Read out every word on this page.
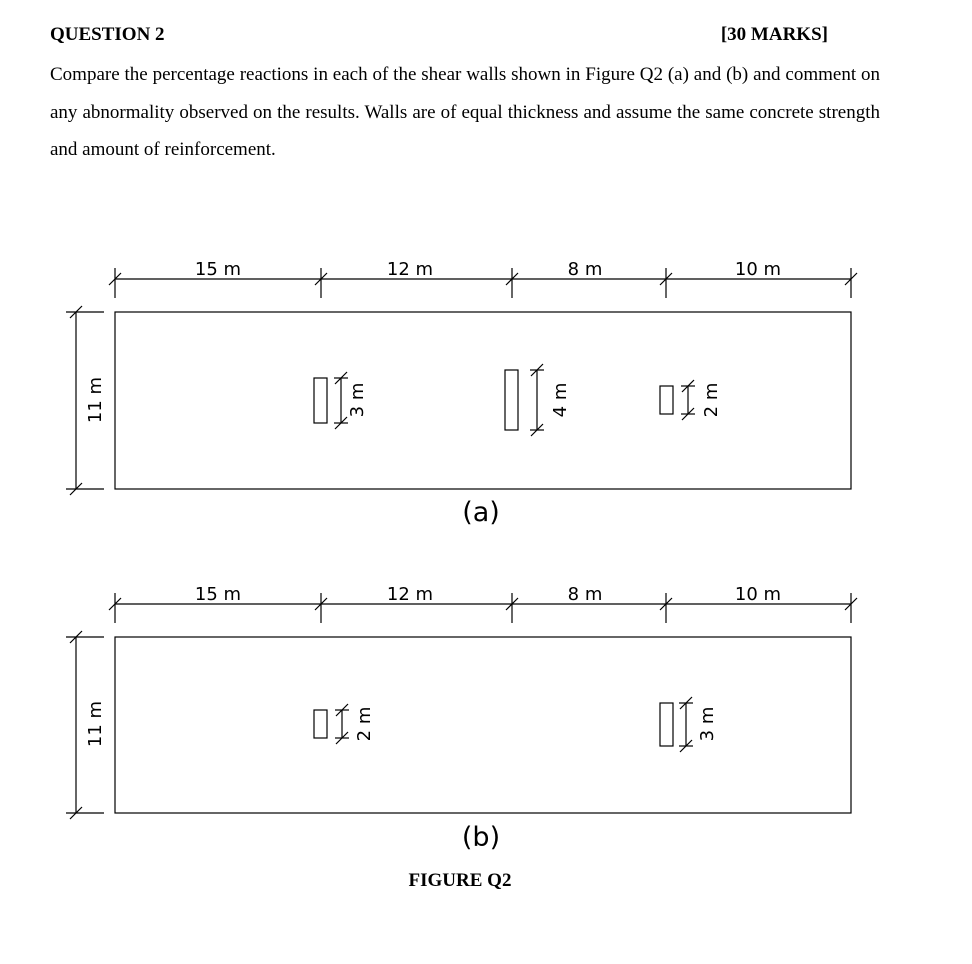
QUESTION 2	[30 MARKS]

Compare the percentage reactions in each of the shear walls shown in Figure Q2 (a) and (b) and comment on any abnormality observed on the results. Walls are of equal thickness and assume the same concrete strength and amount of reinforcement.

15 m	12 m	8 m	10 m
11 m	3 m	4 m	2 m
(a)
15 m	12 m	8 m	10 m
11 m	2 m	3 m
(b)
FIGURE Q2
